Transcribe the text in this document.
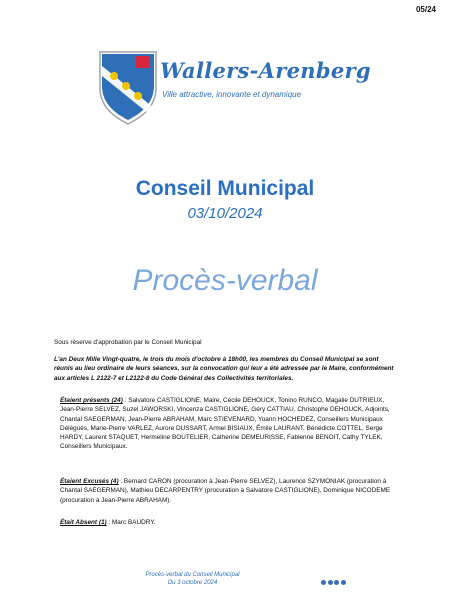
05/24
Wallers-Arenberg
Ville attractive, innovante et dynamique
Conseil Municipal
03/10/2024
Procès-verbal
Sous réserve d'approbation par le Conseil Municipal
L'an Deux Mille Vingt-quatre, le trois du mois d'octobre à 18h00, les membres du Conseil Municipal se sont réunis au lieu ordinaire de leurs séances, sur la convocation qui leur a été adressée par le Maire, conformément aux articles L 2122-7 et L2122-8 du Code Général des Collectivités territoriales.
Étaient présents (24) : Salvatore CASTIGLIONE, Maire, Cécile DEHOUCK, Tonino RUNCO, Magalie DUTRIEUX, Jean-Pierre SELVEZ, Suzel JAWORSKI, Vincenza CASTIGLIONE, Géry CATTIAU, Christophe DEHOUCK, Adjoints, Chantal SAEGERMAN, Jean-Pierre ABRAHAM, Marc STIEVENARD, Yoann HOCHEDEZ, Conseillers Municipaux Délégués, Marie-Pierre VARLEZ, Aurore DUSSART, Armel BISIAUX, Émile LAURANT, Bénédicte COTTEL, Serge HARDY, Laurent STAQUET, Hermeline BOUTELIER, Catherine DEMEURISSE, Fabienne BENOIT, Cathy TYLEK, Conseillers Municipaux.
Étaient Excusés (4) : Bernard CARON (procuration à Jean-Pierre SELVEZ), Laurence SZYMONIAK (procuration à Chantal SAEGERMAN), Mathieu DECARPENTRY (procuration à Salvatore CASTIGLIONE), Dominique NICODEME (procuration à Jean-Pierre ABRAHAM).
Était Absent (1) : Marc BAUDRY.
Procès-verbal du Conseil Municipal
Du 3 octobre 2024
